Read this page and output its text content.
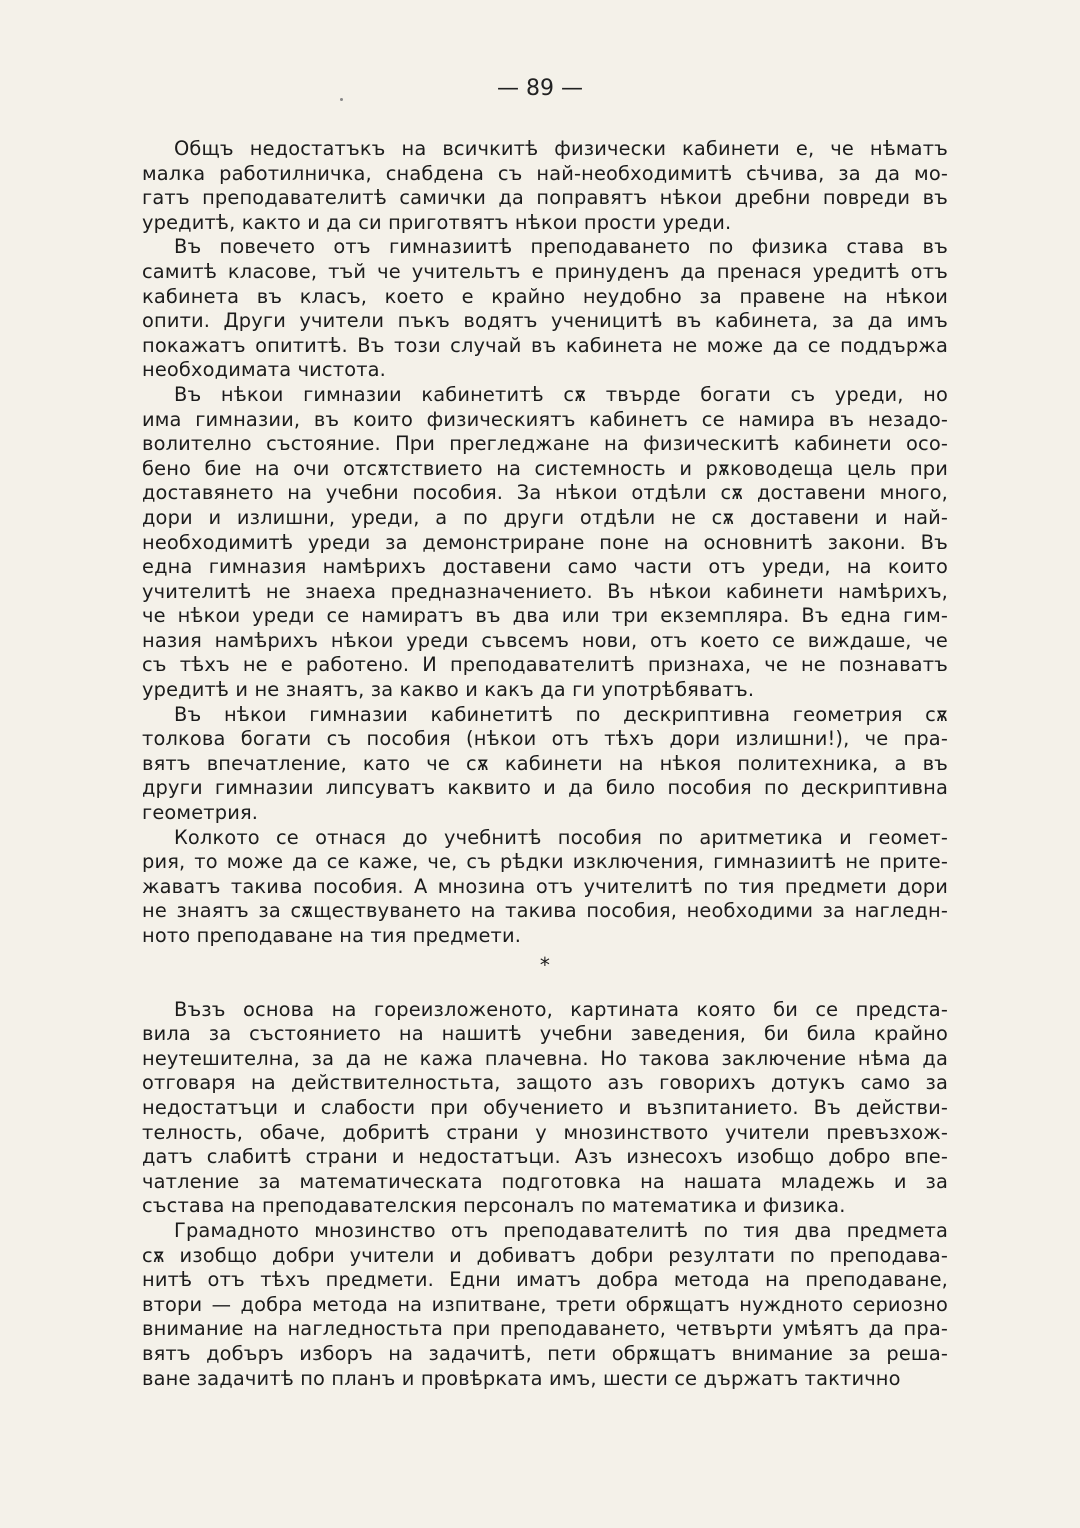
— 89 —
Общъ недостатъкъ на всичкитѣ физически кабинети е, че нѣматъ
малка работилничка, снабдена съ най-необходимитѣ сѣчива, за да мо-
гатъ преподавателитѣ самички да поправятъ нѣкои дребни повреди въ
уредитѣ, както и да си приготвятъ нѣкои прости уреди.
Въ повечето отъ гимназиитѣ преподаването по физика става въ
самитѣ класове, тъй че учительтъ е принуденъ да пренася уредитѣ отъ
кабинета въ класъ, което е крайно неудобно за правене на нѣкои
опити. Други учители пъкъ водятъ ученицитѣ въ кабинета, за да имъ
покажатъ опититѣ. Въ този случай въ кабинета не може да се поддържа
необходимата чистота.
Въ нѣкои гимназии кабинетитѣ сѫ твърде богати съ уреди, но
има гимназии, въ които физическиятъ кабинетъ се намира въ незадо-
волително състояние. При прегледжане на физическитѣ кабинети осо-
бено бие на очи отсѫтствието на системность и рѫководеща цель при
доставянето на учебни пособия. За нѣкои отдѣли сѫ доставени много,
дори и излишни, уреди, а по други отдѣли не сѫ доставени и най-
необходимитѣ уреди за демонстриране поне на основнитѣ закони. Въ
една гимназия намѣрихъ доставени само части отъ уреди, на които
учителитѣ не знаеха предназначението. Въ нѣкои кабинети намѣрихъ,
че нѣкои уреди се намиратъ въ два или три екземпляра. Въ една гим-
назия намѣрихъ нѣкои уреди съвсемъ нови, отъ което се виждаше, че
съ тѣхъ не е работено. И преподавателитѣ признаха, че не познаватъ
уредитѣ и не знаятъ, за какво и какъ да ги употрѣбяватъ.
Въ нѣкои гимназии кабинетитѣ по дескриптивна геометрия сѫ
толкова богати съ пособия (нѣкои отъ тѣхъ дори излишни!), че пра-
вятъ впечатление, като че сѫ кабинети на нѣкоя политехника, а въ
други гимназии липсуватъ каквито и да било пособия по дескриптивна
геометрия.
Колкото се отнася до учебнитѣ пособия по аритметика и геомет-
рия, то може да се каже, че, съ рѣдки изключения, гимназиитѣ не прите-
жаватъ такива пособия. А мнозина отъ учителитѣ по тия предмети дори
не знаятъ за сѫществуването на такива пособия, необходими за нагледн-
ното преподаване на тия предмети.
*
Възъ основа на гореизложеното, картината която би се предста-
вила за състоянието на нашитѣ учебни заведения, би била крайно
неутешителна, за да не кажа плачевна. Но такова заключение нѣма да
отговаря на действителностьта, защото азъ говорихъ дотукъ само за
недостатъци и слабости при обучението и възпитанието. Въ действи-
телность, обаче, добритѣ страни у мнозинството учители превъзхож-
датъ слабитѣ страни и недостатъци. Азъ изнесохъ изобщо добро впе-
чатление за математическата подготовка на нашата младежь и за
състава на преподавателския персоналъ по математика и физика.
Грамадното мнозинство отъ преподавателитѣ по тия два предмета
сѫ изобщо добри учители и добиватъ добри резултати по преподава-
нитѣ отъ тѣхъ предмети. Едни иматъ добра метода на преподаване,
втори — добра метода на изпитване, трети обрѫщатъ нуждното сериозно
внимание на нагледностьта при преподаването, четвърти умѣятъ да пра-
вятъ добъръ изборъ на задачитѣ, пети обрѫщатъ внимание за реша-
ване задачитѣ по планъ и провѣрката имъ, шести се държатъ тактично
